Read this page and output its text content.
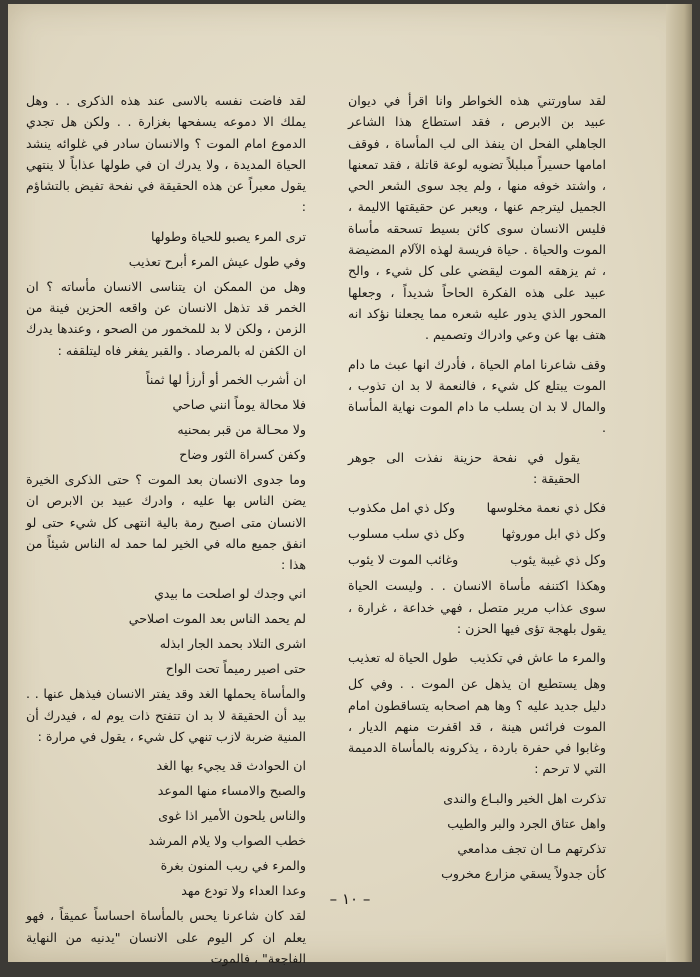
لقد ساورتني هذه الخواطر وانا اقرأ في ديوان عبيد بن الابرص ، فقد استطاع هذا الشاعر الجاهلي الفحل ان ينفذ الى لب المأساة ، فوقف امامها حسيراً مبلبلاً تضويه لوعة قاتلة ، فقد تمعنها ، واشتد خوفه منها ، ولم يجد سوى الشعر الحي الجميل ليترجم عنها ، ويعبر عن حقيقتها الاليمة ، فليس الانسان سوى كائن بسيط تسحقه مأساة الموت والحياة . حياة فريسة لهذه الآلام المضيضة ، ثم يزهقه الموت ليقضي على كل شيء ، والح عبيد على هذه الفكرة الحاحاً شديداً ، وجعلها المحور الذي يدور عليه شعره مما يجعلنا نؤكد انه هتف بها عن وعي وادراك وتصميم .

وقف شاعرنا امام الحياة ، فأدرك انها عبث ما دام الموت يبتلع كل شيء ، فالنعمة لا بد ان تذوب ، والمال لا بد ان يسلب ما دام الموت نهاية المأساة .

يقول في نفحة حزينة نفذت الى جوهر الحقيقة :

فكل ذي نعمة مخلوسها
وكل ذي امل مكذوب
وكل ذي ابل موروثها
وكل ذي سلب مسلوب
وكل ذي غيبة يئوب
وغائب الموت لا يئوب

وهكذا اكتنفه مأساة الانسان . . وليست الحياة سوى عذاب مرير متصل ، فهي خداعة ، غرارة ، يقول بلهجة تؤى فيها الحزن :

والمرء ما عاش في تكذيب
طول الحياة له تعذيب

وهل يستطيع ان يذهل عن الموت . . وفي كل دليل جديد عليه ؟ وها هم اصحابه يتساقطون امام الموت فرائس هينة ، قد اقفرت منهم الديار ، وغابوا في حفرة باردة ، يذكرونه بالمأساة الدميمة التي لا ترحم :

تذكرت اهل الخير والبـاع والندى
واهل عتاق الجرد والبر والطيب
تذكرتهم مـا ان تجف مدامعي
كأن جدولاً يسقي مزارع مخروب

لقد فاضت نفسه بالاسى عند هذه الذكرى . . وهل يملك الا دموعه يسفحها بغزارة . . ولكن هل تجدي الدموع امام الموت ؟ والانسان سادر في غلوائه ينشد الحياة المديدة ، ولا يدرك ان في طولها عذاباً لا ينتهي يقول معبراً عن هذه الحقيقة في نفحة تفيض بالتشاؤم :

ترى المرء يصبو للحياة وطولها
وفي طول عيش المرء أبرح تعذيب

وهل من الممكن ان يتناسى الانسان مأساته ؟ ان الخمر قد تذهل الانسان عن واقعه الحزين فينة من الزمن ، ولكن لا بد للمخمور من الصحو ، وعندها يدرك ان الكفن له بالمرصاد . والقبر يفغر فاه ليتلقفه :

ان أشرب الخمر أو أرزأ لها ثمناً
فلا محالة يوماً انني صاحي
ولا محـالة من قبر بمحنيه
وكفن كسراة الثور وضاح

وما جدوى الانسان بعد الموت ؟ حتى الذكرى الخيرة يضن الناس بها عليه ، وادرك عبيد بن الابرص ان الانسان متى اصبح رمة بالية انتهى كل شيء حتى لو انفق جميع ماله في الخير لما حمد له الناس شيئاً من هذا :

اني وجدك لو اصلحت ما بيدي
لم يحمد الناس بعد الموت اصلاحي
اشرى التلاد بحمد الجار ابذله
حتى اصير رميماً تحت الواح

والمأساة يحملها الغد وقد يفتر الانسان فيذهل عنها . . بيد أن الحقيقة لا بد ان تتفتح ذات يوم له ، فيدرك أن المنية ضربة لازب تنهي كل شيء ، يقول في مرارة :

ان الحوادث قد يجيء بها الغد
والصبح والامساء منها الموعد
والناس يلحون الأمير اذا غوى
خطب الصواب ولا يلام المرشد
والمرء في ريب المنون بغرة
وعدا العداء ولا تودع مهد

لقد كان شاعرنا يحس بالمأساة احساساً عميقاً ، فهو يعلم ان كر اليوم على الانسان "يدنيه من النهاية الفاجعة" ، فالموت

– ١٠ –
